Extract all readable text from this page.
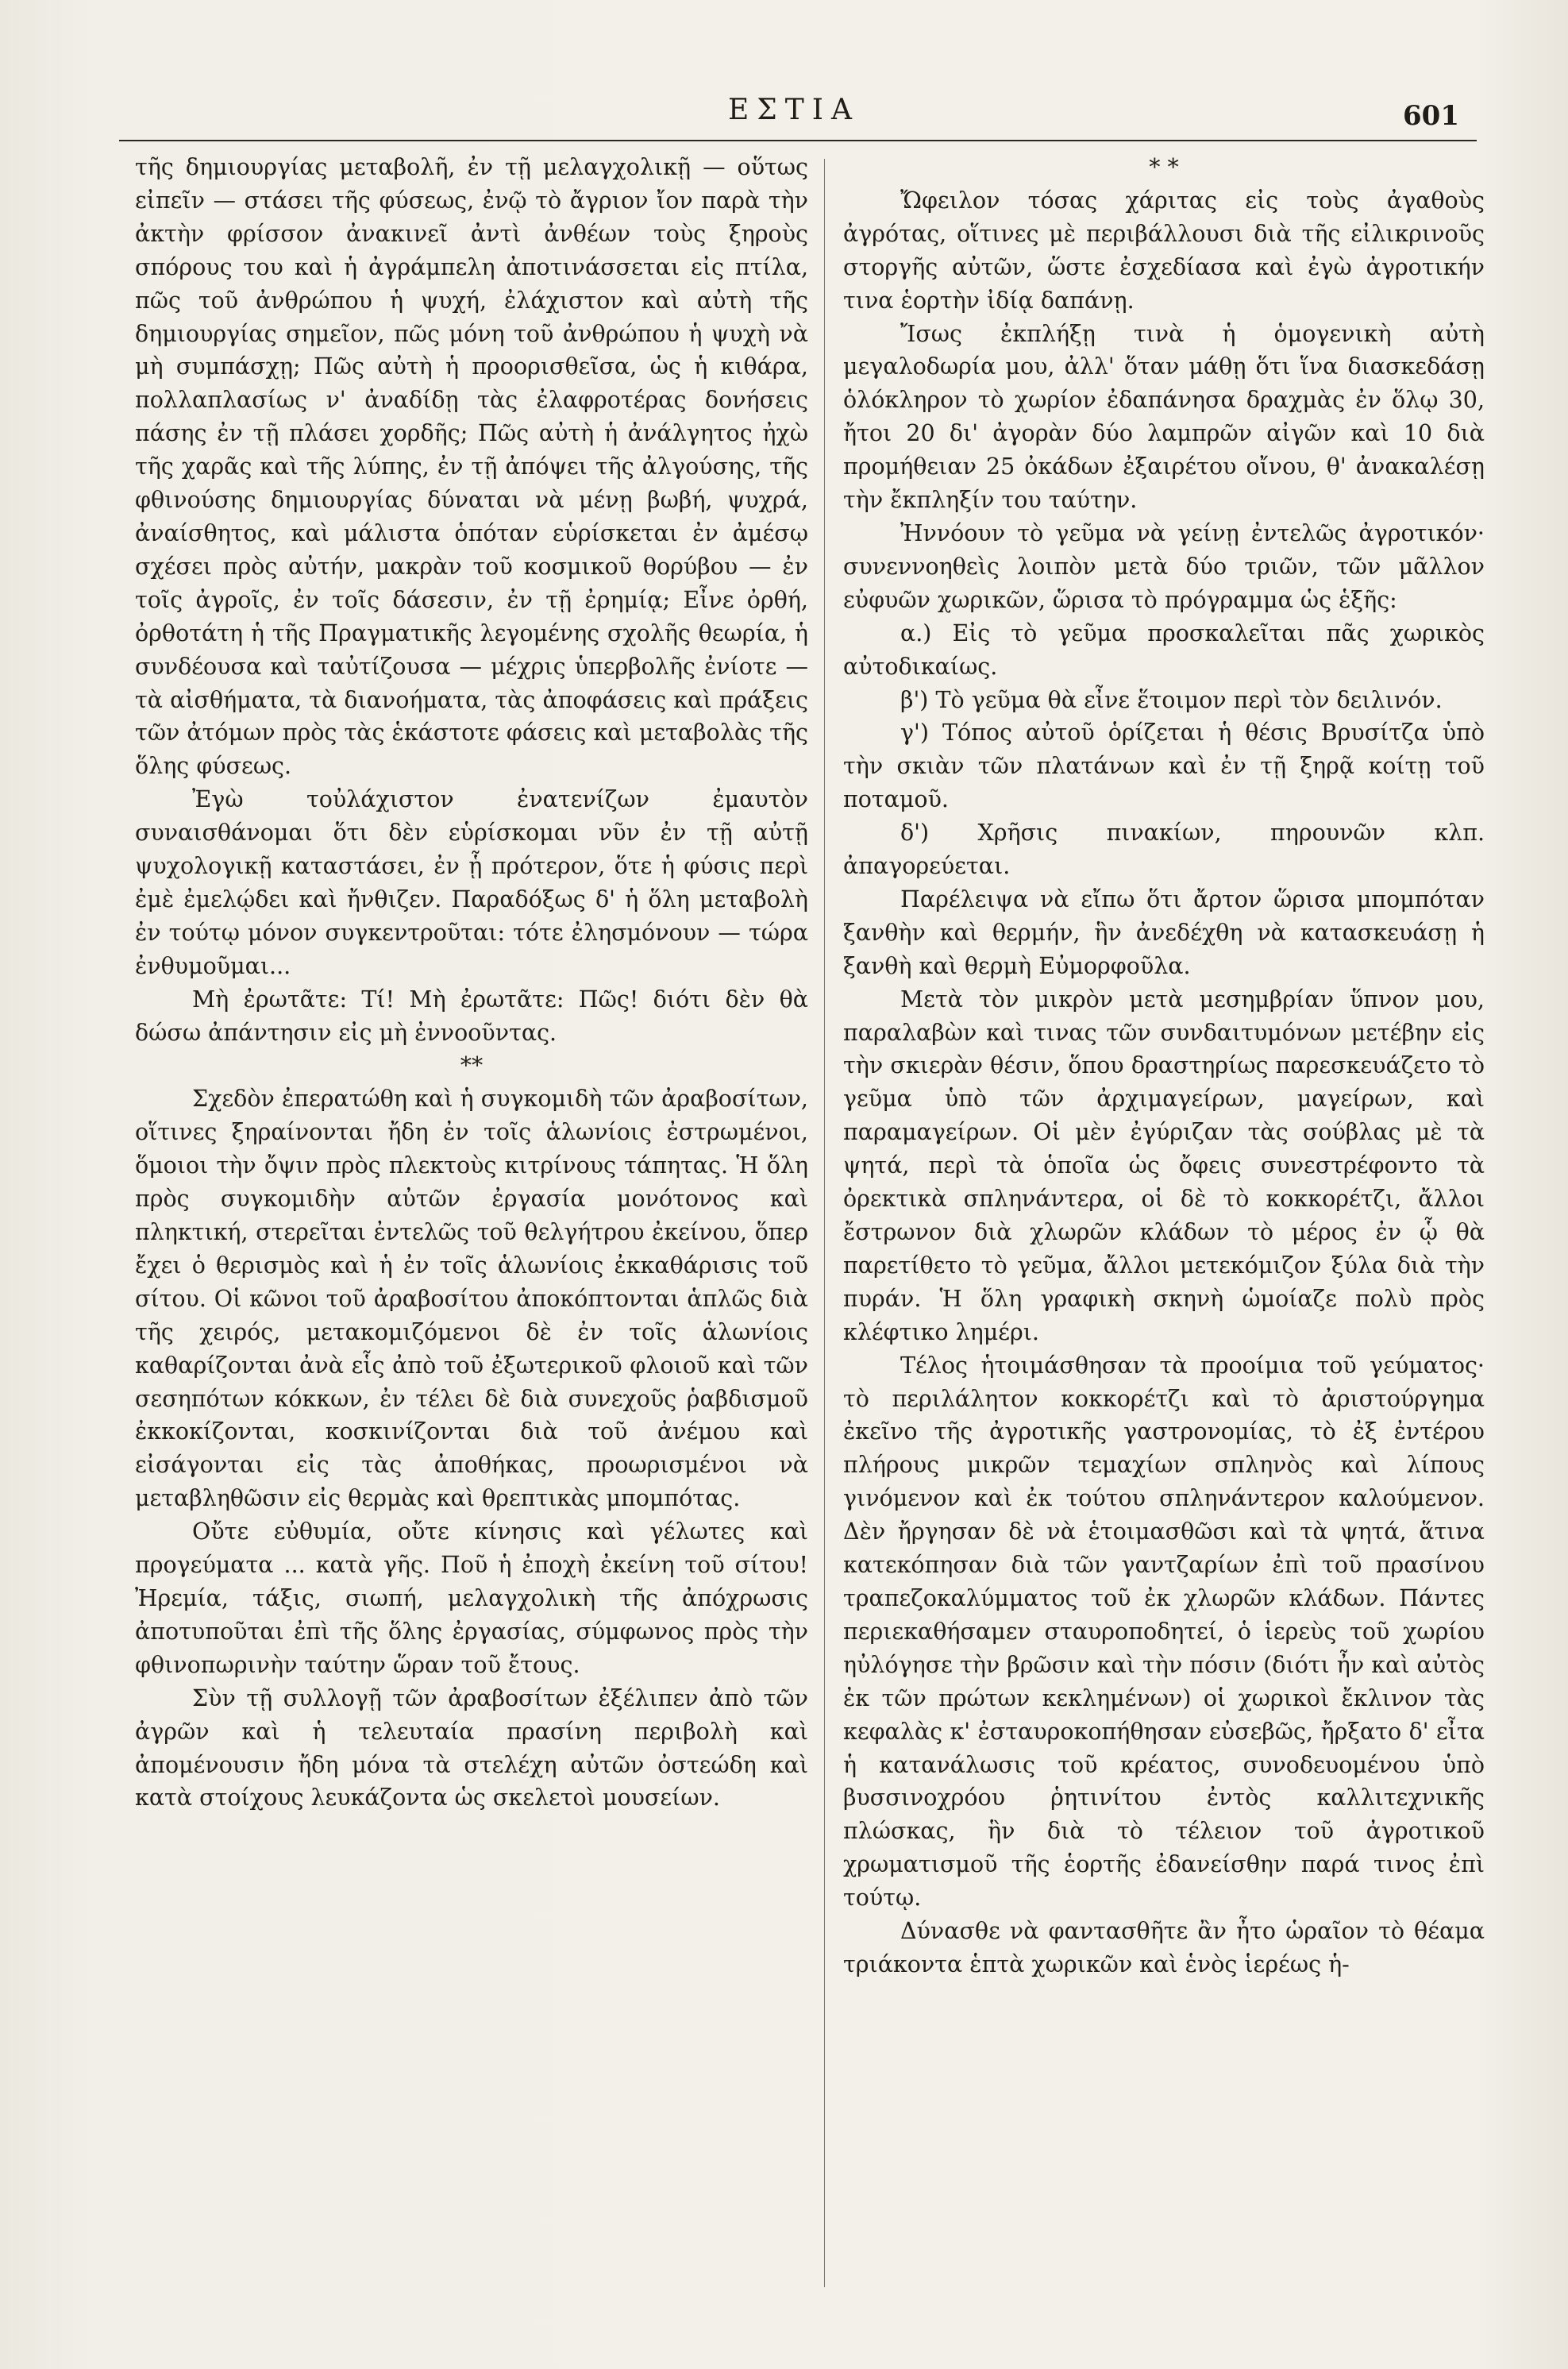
ΕΣΤΙΑ	601

τῆς δημιουργίας μεταβολῆ, ἐν τῇ μελαγχολικῇ — οὕτως εἰπεῖν — στάσει τῆς φύσεως, ἐνῷ τὸ ἄγριον ἴον παρὰ τὴν ἀκτὴν φρίσσον ἀνακινεῖ ἀντὶ ἀνθέων τοὺς ξηροὺς σπόρους του καὶ ἡ ἀγράμπελη ἀποτινάσσεται εἰς πτίλα, πῶς τοῦ ἀνθρώπου ἡ ψυχή, ἐλάχιστον καὶ αὐτὴ τῆς δημιουργίας σημεῖον, πῶς μόνη τοῦ ἀνθρώπου ἡ ψυχὴ νὰ μὴ συμπάσχῃ; Πῶς αὐτὴ ἡ προορισθεῖσα, ὡς ἡ κιθάρα, πολλαπλασίως ν' ἀναδίδῃ τὰς ἐλαφροτέρας δονήσεις πάσης ἐν τῇ πλάσει χορδῆς; Πῶς αὐτὴ ἡ ἀνάλγητος ἠχὼ τῆς χαρᾶς καὶ τῆς λύπης, ἐν τῇ ἀπόψει τῆς ἀλγούσης, τῆς φθινούσης δημιουργίας δύναται νὰ μένῃ βωβή, ψυχρά, ἀναίσθητος, καὶ μάλιστα ὁπόταν εὑρίσκεται ἐν ἀμέσῳ σχέσει πρὸς αὐτήν, μακρὰν τοῦ κοσμικοῦ θορύβου — ἐν τοῖς ἀγροῖς, ἐν τοῖς δάσεσιν, ἐν τῇ ἐρημίᾳ; Εἶνε ὀρθή, ὀρθοτάτη ἡ τῆς Πραγματικῆς λεγομένης σχολῆς θεωρία, ἡ συνδέουσα καὶ ταὐτίζουσα — μέχρις ὑπερβολῆς ἐνίοτε — τὰ αἰσθήματα, τὰ διανοήματα, τὰς ἀποφάσεις καὶ πράξεις τῶν ἀτόμων πρὸς τὰς ἑκάστοτε φάσεις καὶ μεταβολὰς τῆς ὅλης φύσεως.

Ἐγὼ τοὐλάχιστον ἐνατενίζων ἐμαυτὸν συναισθάνομαι ὅτι δὲν εὑρίσκομαι νῦν ἐν τῇ αὐτῇ ψυχολογικῇ καταστάσει, ἐν ᾗ πρότερον, ὅτε ἡ φύσις περὶ ἐμὲ ἐμελῴδει καὶ ἤνθιζεν. Παραδόξως δ' ἡ ὅλη μεταβολὴ ἐν τούτῳ μόνον συγκεντροῦται: τότε ἐλησμόνουν — τώρα ἐνθυμοῦμαι...

Μὴ ἐρωτᾶτε: Τί! Μὴ ἐρωτᾶτε: Πῶς! διότι δὲν θὰ δώσω ἀπάντησιν εἰς μὴ ἐννοοῦντας.

**

Σχεδὸν ἐπερατώθη καὶ ἡ συγκομιδὴ τῶν ἀραβοσίτων, οἵτινες ξηραίνονται ἤδη ἐν τοῖς ἁλωνίοις ἐστρωμένοι, ὅμοιοι τὴν ὄψιν πρὸς πλεκτοὺς κιτρίνους τάπητας. Ἡ ὅλη πρὸς συγκομιδὴν αὐτῶν ἐργασία μονότονος καὶ πληκτική, στερεῖται ἐντελῶς τοῦ θελγήτρου ἐκείνου, ὅπερ ἔχει ὁ θερισμὸς καὶ ἡ ἐν τοῖς ἁλωνίοις ἐκκαθάρισις τοῦ σίτου. Οἱ κῶνοι τοῦ ἀραβοσίτου ἀποκόπτονται ἁπλῶς διὰ τῆς χειρός, μετακομιζόμενοι δὲ ἐν τοῖς ἁλωνίοις καθαρίζονται ἀνὰ εἷς ἀπὸ τοῦ ἐξωτερικοῦ φλοιοῦ καὶ τῶν σεσηπότων κόκκων, ἐν τέλει δὲ διὰ συνεχοῦς ῥαβδισμοῦ ἐκκοκίζονται, κοσκινίζονται διὰ τοῦ ἀνέμου καὶ εἰσάγονται εἰς τὰς ἀποθήκας, προωρισμένοι νὰ μεταβληθῶσιν εἰς θερμὰς καὶ θρεπτικὰς μπομπότας.

Οὔτε εὐθυμία, οὔτε κίνησις καὶ γέλωτες καὶ προγεύματα ... κατὰ γῆς. Ποῦ ἡ ἐποχὴ ἐκείνη τοῦ σίτου! Ἠρεμία, τάξις, σιωπή, μελαγχολικὴ τῆς ἀπόχρωσις ἀποτυποῦται ἐπὶ τῆς ὅλης ἐργασίας, σύμφωνος πρὸς τὴν φθινοπωρινὴν ταύτην ὥραν τοῦ ἔτους.

Σὺν τῇ συλλογῇ τῶν ἀραβοσίτων ἐξέλιπεν ἀπὸ τῶν ἀγρῶν καὶ ἡ τελευταία πρασίνη περιβολὴ καὶ ἀπομένουσιν ἤδη μόνα τὰ στελέχη αὐτῶν ὀστεώδη καὶ κατὰ στοίχους λευκάζοντα ὡς σκελετοὶ μουσείων.

* *

Ὤφειλον τόσας χάριτας εἰς τοὺς ἀγαθοὺς ἀγρότας, οἵτινες μὲ περιβάλλουσι διὰ τῆς εἰλικρινοῦς στοργῆς αὐτῶν, ὥστε ἐσχεδίασα καὶ ἐγὼ ἀγροτικήν τινα ἑορτὴν ἰδίᾳ δαπάνῃ.

Ἴσως ἐκπλήξῃ τινὰ ἡ ὁμογενικὴ αὐτὴ μεγαλοδωρία μου, ἀλλ' ὅταν μάθῃ ὅτι ἵνα διασκεδάσῃ ὁλόκληρον τὸ χωρίον ἐδαπάνησα δραχμὰς ἐν ὅλῳ 30, ἤτοι 20 δι' ἀγορὰν δύο λαμπρῶν αἰγῶν καὶ 10 διὰ προμήθειαν 25 ὀκάδων ἐξαιρέτου οἴνου, θ' ἀνακαλέσῃ τὴν ἔκπληξίν του ταύτην.

Ἠννόουν τὸ γεῦμα νὰ γείνῃ ἐντελῶς ἀγροτικόν· συνεννοηθεὶς λοιπὸν μετὰ δύο τριῶν, τῶν μᾶλλον εὐφυῶν χωρικῶν, ὥρισα τὸ πρόγραμμα ὡς ἑξῆς:

α.) Εἰς τὸ γεῦμα προσκαλεῖται πᾶς χωρικὸς αὐτοδικαίως.

β') Τὸ γεῦμα θὰ εἶνε ἕτοιμον περὶ τὸν δειλινόν.

γ') Τόπος αὐτοῦ ὁρίζεται ἡ θέσις Βρυσίτζα ὑπὸ τὴν σκιὰν τῶν πλατάνων καὶ ἐν τῇ ξηρᾷ κοίτῃ τοῦ ποταμοῦ.

δ') Χρῆσις πινακίων, πηρουνῶν κλπ. ἀπαγορεύεται.

Παρέλειψα νὰ εἴπω ὅτι ἄρτον ὥρισα μπομπόταν ξανθὴν καὶ θερμήν, ἣν ἀνεδέχθη νὰ κατασκευάσῃ ἡ ξανθὴ καὶ θερμὴ Εὐμορφοῦλα.

Μετὰ τὸν μικρὸν μετὰ μεσημβρίαν ὕπνον μου, παραλαβὼν καὶ τινας τῶν συνδαιτυμόνων μετέβην εἰς τὴν σκιερὰν θέσιν, ὅπου δραστηρίως παρεσκευάζετο τὸ γεῦμα ὑπὸ τῶν ἀρχιμαγείρων, μαγείρων, καὶ παραμαγείρων. Οἱ μὲν ἐγύριζαν τὰς σούβλας μὲ τὰ ψητά, περὶ τὰ ὁποῖα ὡς ὄφεις συνεστρέφοντο τὰ ὀρεκτικὰ σπληνάντερα, οἱ δὲ τὸ κοκκορέτζι, ἄλλοι ἔστρωνον διὰ χλωρῶν κλάδων τὸ μέρος ἐν ᾧ θὰ παρετίθετο τὸ γεῦμα, ἄλλοι μετεκόμιζον ξύλα διὰ τὴν πυράν. Ἡ ὅλη γραφικὴ σκηνὴ ὡμοίαζε πολὺ πρὸς κλέφτικο λημέρι.

Τέλος ἡτοιμάσθησαν τὰ προοίμια τοῦ γεύματος· τὸ περιλάλητον κοκκορέτζι καὶ τὸ ἀριστούργημα ἐκεῖνο τῆς ἀγροτικῆς γαστρονομίας, τὸ ἐξ ἐντέρου πλήρους μικρῶν τεμαχίων σπληνὸς καὶ λίπους γινόμενον καὶ ἐκ τούτου σπληνάντερον καλούμενον. Δὲν ἤργησαν δὲ νὰ ἑτοιμασθῶσι καὶ τὰ ψητά, ἅτινα κατεκόπησαν διὰ τῶν γαντζαρίων ἐπὶ τοῦ πρασίνου τραπεζοκαλύμματος τοῦ ἐκ χλωρῶν κλάδων. Πάντες περιεκαθήσαμεν σταυροποδητεί, ὁ ἱερεὺς τοῦ χωρίου ηὐλόγησε τὴν βρῶσιν καὶ τὴν πόσιν (διότι ἦν καὶ αὐτὸς ἐκ τῶν πρώτων κεκλημένων) οἱ χωρικοὶ ἔκλινον τὰς κεφαλὰς κ' ἐσταυροκοπήθησαν εὐσεβῶς, ἤρξατο δ' εἶτα ἡ κατανάλωσις τοῦ κρέατος, συνοδευομένου ὑπὸ βυσσινοχρόου ῥητινίτου ἐντὸς καλλιτεχνικῆς πλώσκας, ἣν διὰ τὸ τέλειον τοῦ ἀγροτικοῦ χρωματισμοῦ τῆς ἑορτῆς ἐδανείσθην παρά τινος ἐπὶ τούτῳ.

Δύνασθε νὰ φαντασθῆτε ἂν ἦτο ὡραῖον τὸ θέαμα τριάκοντα ἑπτὰ χωρικῶν καὶ ἑνὸς ἱερέως ἡ-
